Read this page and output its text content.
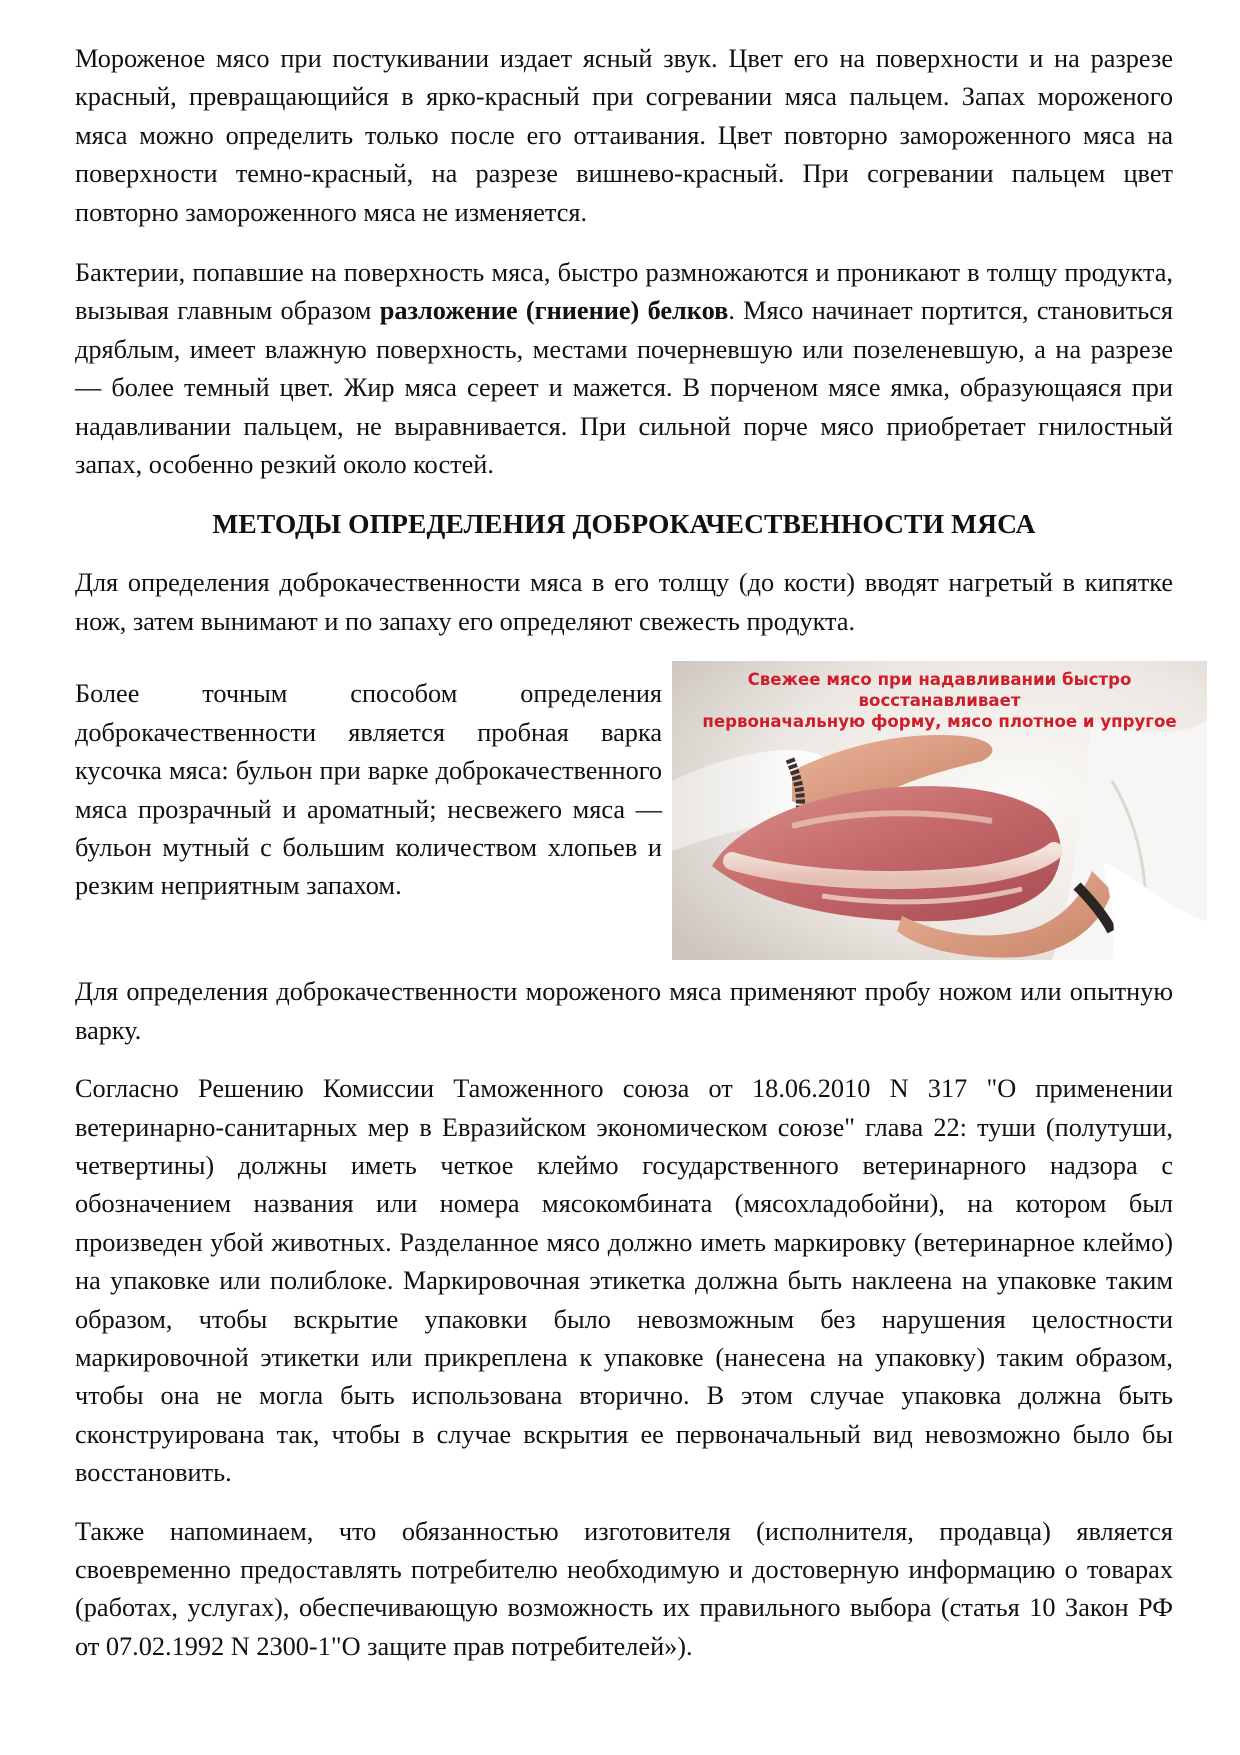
Мороженое мясо при постукивании издает ясный звук. Цвет его на поверхности и на разрезе красный, превращающийся в ярко-красный при согревании мяса пальцем. Запах мороженого мяса можно определить только после его оттаивания. Цвет повторно замороженного мяса на поверхности темно-красный, на разрезе вишнево-красный. При согревании пальцем цвет повторно замороженного мяса не изменяется.

Бактерии, попавшие на поверхность мяса, быстро размножаются и проникают в толщу продукта, вызывая главным образом разложение (гниение) белков. Мясо начинает портится, становиться дряблым, имеет влажную поверхность, местами почерневшую или позеленевшую, а на разрезе — более темный цвет. Жир мяса сереет и мажется. В порченом мясе ямка, образующаяся при надавливании пальцем, не выравнивается. При сильной порче мясо приобретает гнилостный запах, особенно резкий около костей.

МЕТОДЫ ОПРЕДЕЛЕНИЯ ДОБРОКАЧЕСТВЕННОСТИ МЯСА

Для определения доброкачественности мяса в его толщу (до кости) вводят нагретый в кипятке нож, затем вынимают и по запаху его определяют свежесть продукта.

Более точным способом определения доброкачественности является пробная варка кусочка мяса: бульон при варке доброкачественного мяса прозрачный и ароматный; несвежего мяса — бульон мутный с большим количеством хлопьев и резким неприятным запахом.

Свежее мясо при надавливании быстро восстанавливает
первоначальную форму, мясо плотное и упругое

Для определения доброкачественности мороженого мяса применяют пробу ножом или опытную варку.

Согласно Решению Комиссии Таможенного союза от 18.06.2010 N 317 "О применении ветеринарно-санитарных мер в Евразийском экономическом союзе" глава 22: туши (полутуши, четвертины) должны иметь четкое клеймо государственного ветеринарного надзора с обозначением названия или номера мясокомбината (мясохладобойни), на котором был произведен убой животных. Разделанное мясо должно иметь маркировку (ветеринарное клеймо) на упаковке или полиблоке. Маркировочная этикетка должна быть наклеена на упаковке таким образом, чтобы вскрытие упаковки было невозможным без нарушения целостности маркировочной этикетки или прикреплена к упаковке (нанесена на упаковку) таким образом, чтобы она не могла быть использована вторично. В этом случае упаковка должна быть сконструирована так, чтобы в случае вскрытия ее первоначальный вид невозможно было бы восстановить.

Также напоминаем, что обязанностью изготовителя (исполнителя, продавца) является своевременно предоставлять потребителю необходимую и достоверную информацию о товарах (работах, услугах), обеспечивающую возможность их правильного выбора (статья 10 Закон РФ от 07.02.1992 N 2300-1"О защите прав потребителей»).
